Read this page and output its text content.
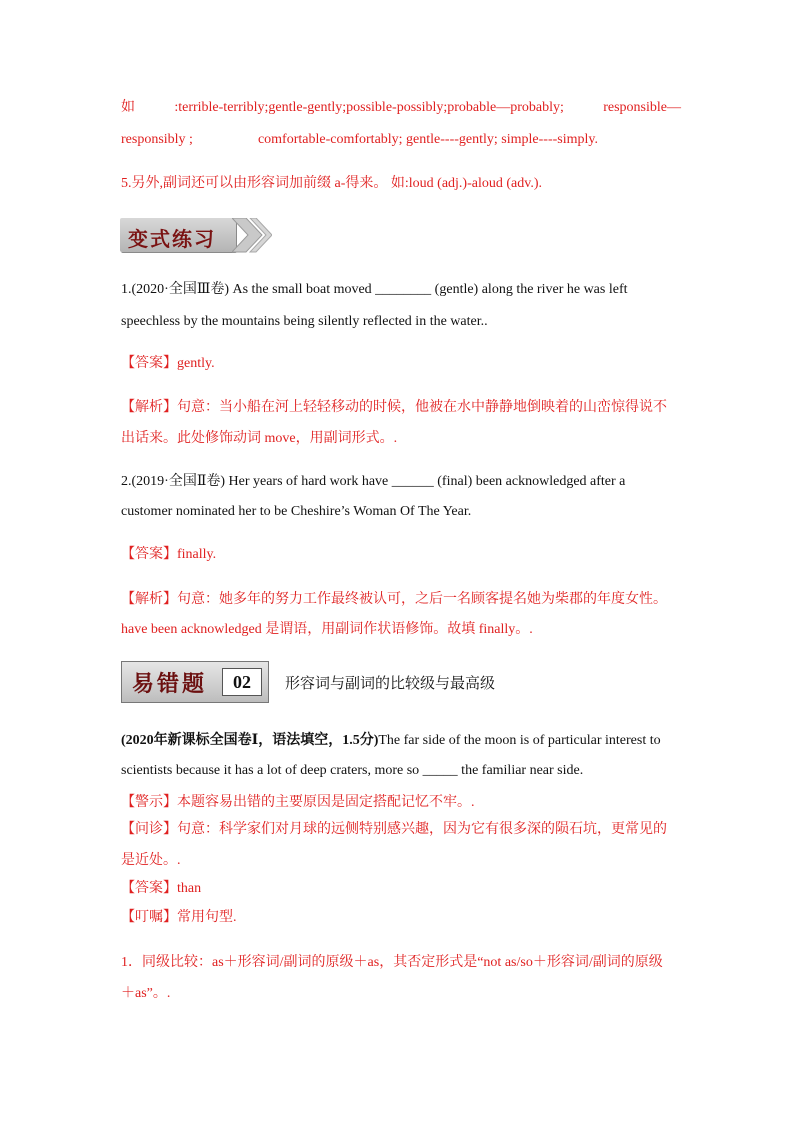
如	:terrible-terribly;gentle-gently;possible-possibly;probable—probably;	responsible—
responsibly ;	comfortable-comfortably; gentle----gently; simple----simply.
5.另外,副词还可以由形容词加前缀 a-得来。 如:loud (adj.)-aloud (adv.).
变式练习
1.(2020·全国Ⅲ卷) As the small boat moved ________ (gentle) along the river he was left
speechless by the mountains being silently reflected in the water..
【答案】gently.
【解析】句意：当小船在河上轻轻移动的时候，他被在水中静静地倒映着的山峦惊得说不
出话来。此处修饰动词 move，用副词形式。.
2.(2019·全国Ⅱ卷) Her years of hard work have ______ (final) been acknowledged after a
customer nominated her to be Cheshire’s Woman Of The Year.
【答案】finally.
【解析】句意：她多年的努力工作最终被认可，之后一名顾客提名她为柴郡的年度女性。
have been acknowledged 是谓语，用副词作状语修饰。故填 finally。.
易错题	02	形容词与副词的比较级与最高级
(2020年新课标全国卷Ⅰ，语法填空，1.5分)The far side of the moon is of particular interest to
scientists because it has a lot of deep craters, more so _____ the familiar near side.
【警示】本题容易出错的主要原因是固定搭配记忆不牢。.
【问诊】句意：科学家们对月球的远侧特别感兴趣，因为它有很多深的陨石坑，更常见的
是近处。.
【答案】than
【叮嘱】常用句型.
1．同级比较：as＋形容词/副词的原级＋as，其否定形式是“not as/so＋形容词/副词的原级
＋as”。.
